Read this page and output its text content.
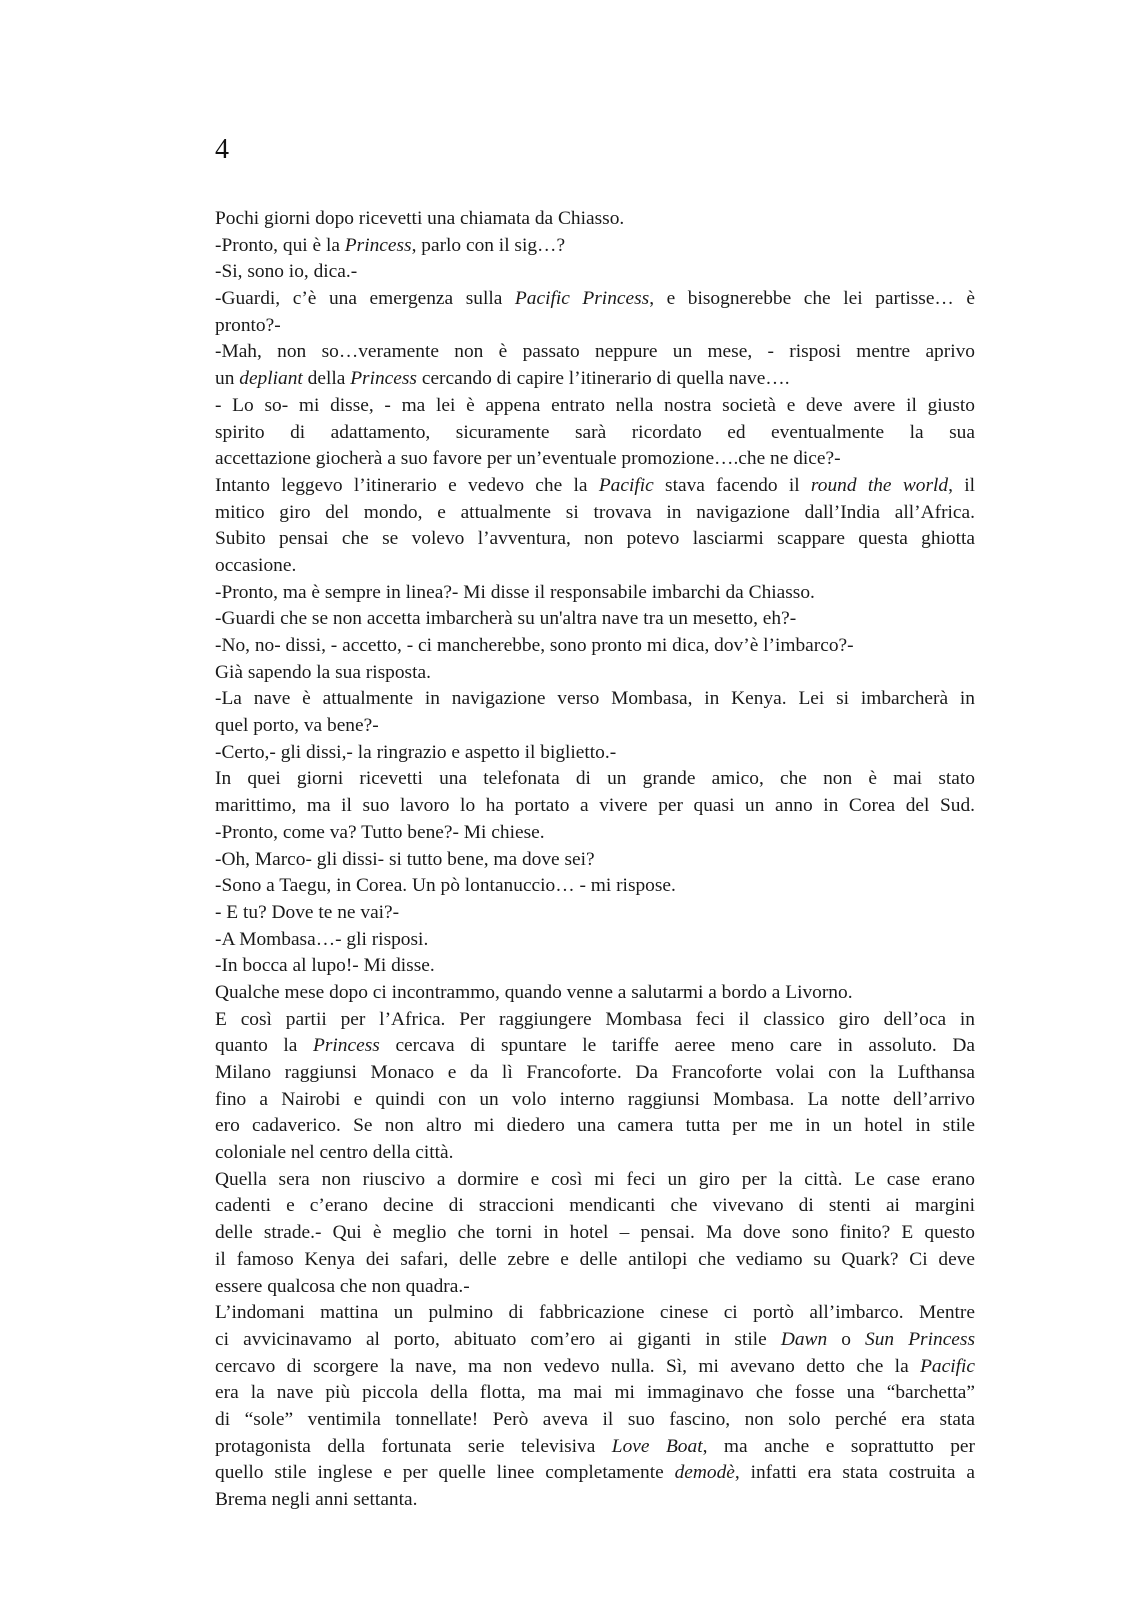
4
Pochi giorni dopo ricevetti una chiamata da Chiasso.
-Pronto, qui è la Princess, parlo con il sig…?
-Si, sono io, dica.-
-Guardi, c’è una emergenza sulla Pacific Princess, e bisognerebbe che lei partisse… è
pronto?-
-Mah, non so…veramente non è passato neppure un mese, - risposi mentre aprivo
un depliant della Princess cercando di capire l’itinerario di quella nave….
- Lo so- mi disse, - ma lei è appena entrato nella nostra società e deve avere il giusto
spirito di adattamento, sicuramente sarà ricordato ed eventualmente la sua
accettazione giocherà a suo favore per un’eventuale promozione….che ne dice?-
Intanto leggevo l’itinerario e vedevo che la Pacific stava facendo il round the world, il
mitico giro del mondo, e attualmente si trovava in navigazione dall’India all’Africa.
Subito pensai che se volevo l’avventura, non potevo lasciarmi scappare questa ghiotta
occasione.
-Pronto, ma è sempre in linea?- Mi disse il responsabile imbarchi da Chiasso.
-Guardi che se non accetta imbarcherà su un'altra nave tra un mesetto, eh?-
-No, no- dissi, - accetto, - ci mancherebbe, sono pronto mi dica, dov’è l’imbarco?-
Già sapendo la sua risposta.
-La nave è attualmente in navigazione verso Mombasa, in Kenya. Lei si imbarcherà in
quel porto, va bene?-
-Certo,- gli dissi,- la ringrazio e aspetto il biglietto.-
In quei giorni ricevetti una telefonata di un grande amico, che non è mai stato
marittimo, ma il suo lavoro lo ha portato a vivere per quasi un anno in Corea del Sud.
-Pronto, come va? Tutto bene?- Mi chiese.
-Oh, Marco- gli dissi- si tutto bene, ma dove sei?
-Sono a Taegu, in Corea. Un pò lontanuccio… - mi rispose.
- E tu? Dove te ne vai?-
-A Mombasa…- gli risposi.
-In bocca al lupo!- Mi disse.
Qualche mese dopo ci incontrammo, quando venne a salutarmi a bordo a Livorno.
E così partii per l’Africa. Per raggiungere Mombasa feci il classico giro dell’oca in
quanto la Princess cercava di spuntare le tariffe aeree meno care in assoluto. Da
Milano raggiunsi Monaco e da lì Francoforte. Da Francoforte volai con la Lufthansa
fino a Nairobi e quindi con un volo interno raggiunsi Mombasa. La notte dell’arrivo
ero cadaverico. Se non altro mi diedero una camera tutta per me in un hotel in stile
coloniale nel centro della città.
Quella sera non riuscivo a dormire e così mi feci un giro per la città. Le case erano
cadenti e c’erano decine di straccioni mendicanti che vivevano di stenti ai margini
delle strade.- Qui è meglio che torni in hotel – pensai. Ma dove sono finito? E questo
il famoso Kenya dei safari, delle zebre e delle antilopi che vediamo su Quark? Ci deve
essere qualcosa che non quadra.-
L’indomani mattina un pulmino di fabbricazione cinese ci portò all’imbarco. Mentre
ci avvicinavamo al porto, abituato com’ero ai giganti in stile Dawn o Sun Princess
cercavo di scorgere la nave, ma non vedevo nulla. Sì, mi avevano detto che la Pacific
era la nave più piccola della flotta, ma mai mi immaginavo che fosse una “barchetta”
di “sole” ventimila tonnellate! Però aveva il suo fascino, non solo perché era stata
protagonista della fortunata serie televisiva Love Boat, ma anche e soprattutto per
quello stile inglese e per quelle linee completamente demodè, infatti era stata costruita a
Brema negli anni settanta.
